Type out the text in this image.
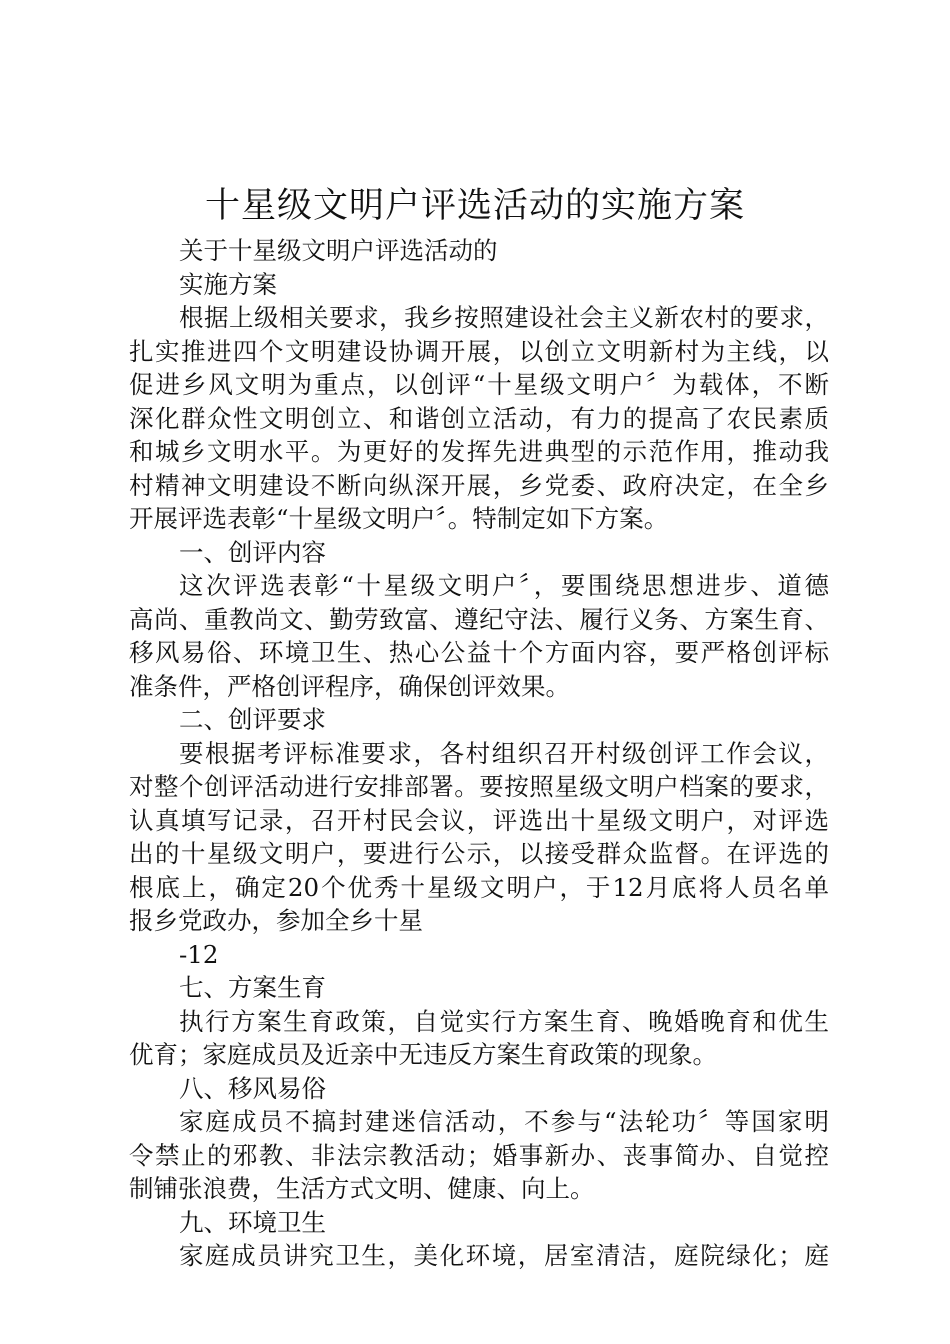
十星级文明户评选活动的实施方案
关于十星级文明户评选活动的
实施方案
根据上级相关要求，我乡按照建设社会主义新农村的要求，
扎实推进四个文明建设协调开展，以创立文明新村为主线，以
促进乡风文明为重点，以创评“十星级文明户〞为载体，不断
深化群众性文明创立、和谐创立活动，有力的提高了农民素质
和城乡文明水平。为更好的发挥先进典型的示范作用，推动我
村精神文明建设不断向纵深开展，乡党委、政府决定，在全乡
开展评选表彰“十星级文明户〞。特制定如下方案。
一、创评内容
这次评选表彰“十星级文明户〞，要围绕思想进步、道德
高尚、重教尚文、勤劳致富、遵纪守法、履行义务、方案生育、
移风易俗、环境卫生、热心公益十个方面内容，要严格创评标
准条件，严格创评程序，确保创评效果。
二、创评要求
要根据考评标准要求，各村组织召开村级创评工作会议，
对整个创评活动进行安排部署。要按照星级文明户档案的要求，
认真填写记录，召开村民会议，评选出十星级文明户，对评选
出的十星级文明户，要进行公示，以接受群众监督。在评选的
根底上，确定20个优秀十星级文明户，于12月底将人员名单
报乡党政办，参加全乡十星
-12
七、方案生育
执行方案生育政策，自觉实行方案生育、晚婚晚育和优生
优育；家庭成员及近亲中无违反方案生育政策的现象。
八、移风易俗
家庭成员不搞封建迷信活动，不参与“法轮功〞等国家明
令禁止的邪教、非法宗教活动；婚事新办、丧事简办、自觉控
制铺张浪费，生活方式文明、健康、向上。
九、环境卫生
家庭成员讲究卫生，美化环境，居室清洁，庭院绿化；庭
